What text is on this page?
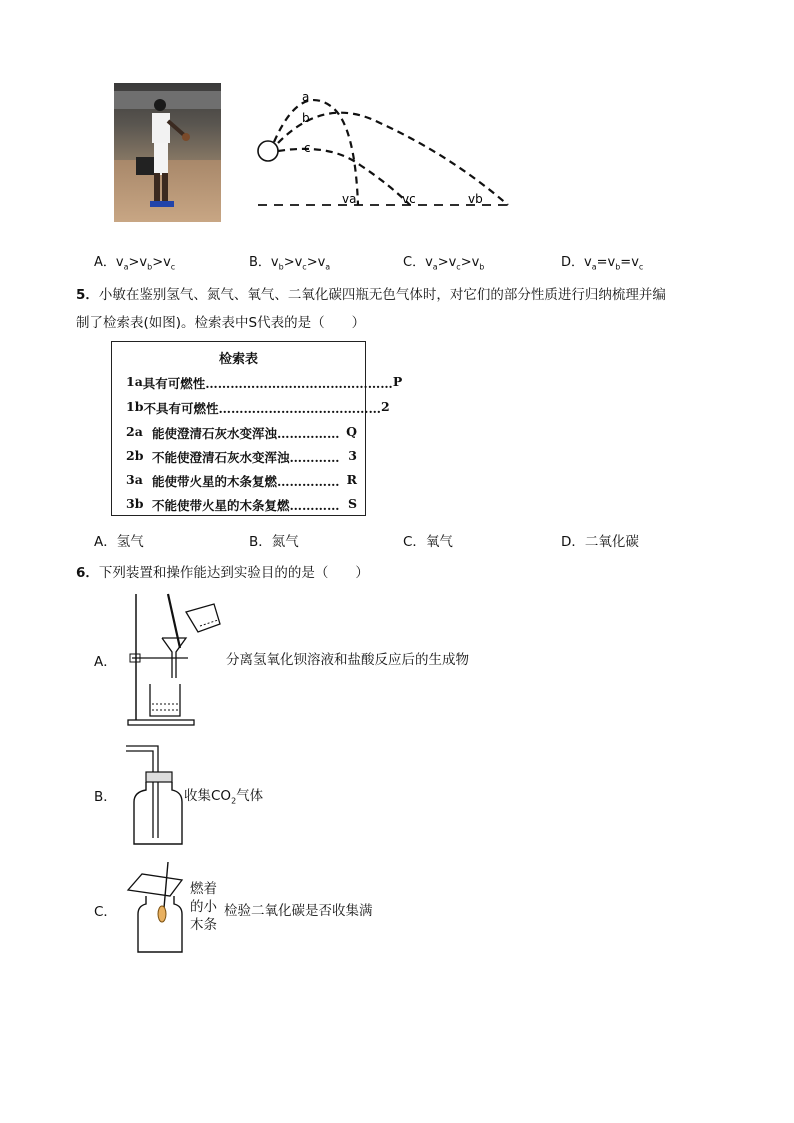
a
b
c
va	vc	vb
A．$v_a>v_b>v_c$	B．$v_b>v_c>v_a$	C．$v_a>v_c>v_b$	D．$v_a=v_b=v_c$
5．小敏在鉴别氢气、氮气、氧气、二氧化碳四瓶无色气体时，对它们的部分性质进行归纳梳理并编
制了检索表(如图)。检索表中S代表的是（　　）
检索表
1a 具有可燃性……………………………………… P
1b 不具有可燃性………………………………… 2
2a 能使澄清石灰水变浑浊…………… Q
2b 不能使澄清石灰水变浑浊………… 3
3a 能使带火星的木条复燃…………… R
3b 不能使带火星的木条复燃………… S
A．氢气	B．氮气	C．氧气	D．二氧化碳
6．下列装置和操作能达到实验目的的是（　　）
A．	分离氢氧化钡溶液和盐酸反应后的生成物
B．	收集$CO_2$气体
C．
燃着
的小
木条
检验二氧化碳是否收集满
